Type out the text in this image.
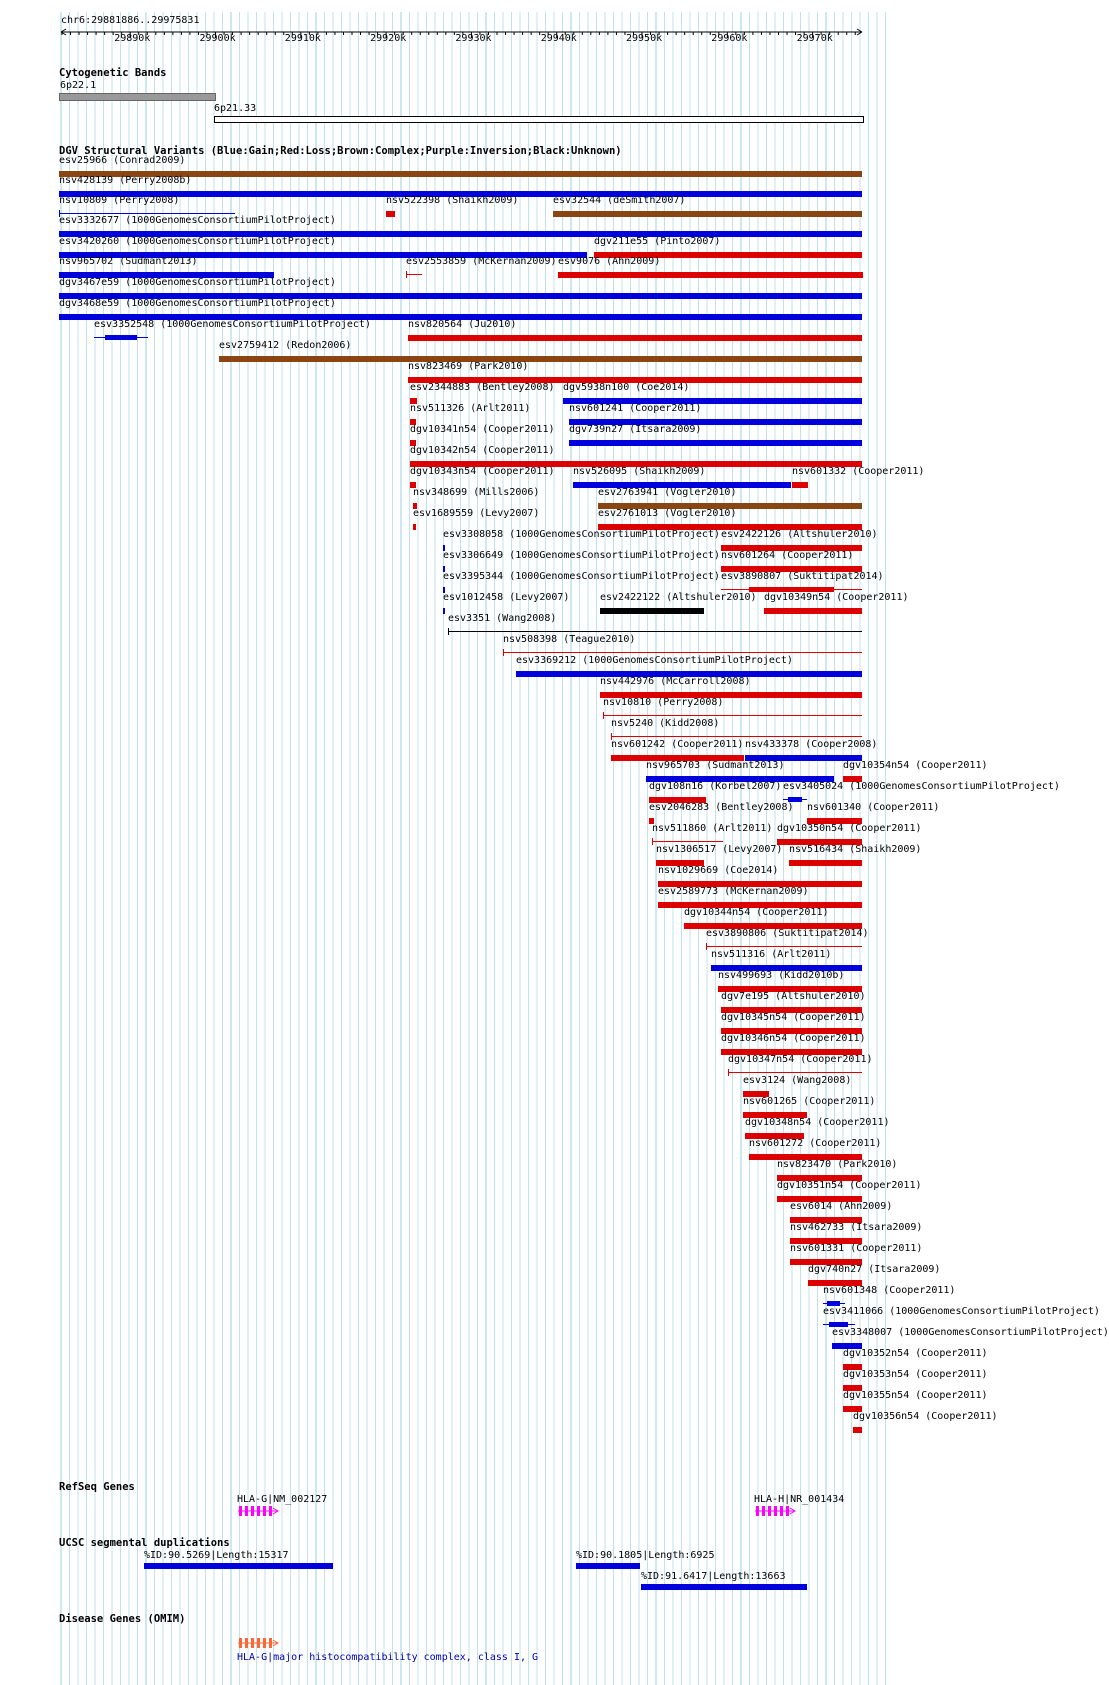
chr6:29881886..29975831
29890k	29900k	29910k	29920k	29930k	29940k	29950k	29960k	29970k
Cytogenetic Bands
6p22.1
6p21.33
DGV Structural Variants (Blue:Gain;Red:Loss;Brown:Complex;Purple:Inversion;Black:Unknown)
esv25966 (Conrad2009)
nsv428139 (Perry2008b)
nsv10809 (Perry2008)	nsv522398 (Shaikh2009)	esv32544 (deSmith2007)
esv3332677 (1000GenomesConsortiumPilotProject)
esv3420260 (1000GenomesConsortiumPilotProject)	dgv211e55 (Pinto2007)
nsv965702 (Sudmant2013)	esv2553859 (McKernan2009) esv9076 (Ahn2009)
dgv3467e59 (1000GenomesConsortiumPilotProject)
dgv3468e59 (1000GenomesConsortiumPilotProject)
esv3352548 (1000GenomesConsortiumPilotProject)	nsv820564 (Ju2010)
esv2759412 (Redon2006)
nsv823469 (Park2010)
esv2344883 (Bentley2008) dgv5938n100 (Coe2014)
nsv511326 (Arlt2011)	nsv601241 (Cooper2011)
dgv10341n54 (Cooper2011) dgv739n27 (Itsara2009)
dgv10342n54 (Cooper2011)
dgv10343n54 (Cooper2011) nsv526095 (Shaikh2009)	nsv601332 (Cooper2011)
nsv348699 (Mills2006)	esv2763941 (Vogler2010)
esv1689559 (Levy2007)	esv2761013 (Vogler2010)
esv3308058 (1000GenomesConsortiumPilotProject) esv2422126 (Altshuler2010)
esv3306649 (1000GenomesConsortiumPilotProject) nsv601264 (Cooper2011)
esv3395344 (1000GenomesConsortiumPilotProject) esv3890807 (Suktitipat2014)
esv1012458 (Levy2007)	esv2422122 (Altshuler2010) dgv10349n54 (Cooper2011)
esv3351 (Wang2008)
nsv508398 (Teague2010)
esv3369212 (1000GenomesConsortiumPilotProject)
nsv442976 (McCarroll2008)
nsv10810 (Perry2008)
nsv5240 (Kidd2008)
nsv601242 (Cooper2011) nsv433378 (Cooper2008)
nsv965703 (Sudmant2013)	dgv10354n54 (Cooper2011)
dgv108n16 (Korbel2007) esv3405024 (1000GenomesConsortiumPilotProject)
esv2046283 (Bentley2008) nsv601340 (Cooper2011)
nsv511860 (Arlt2011) dgv10350n54 (Cooper2011)
nsv1306517 (Levy2007) nsv516434 (Shaikh2009)
nsv1029669 (Coe2014)
esv2589773 (McKernan2009)
dgv10344n54 (Cooper2011)
esv3890806 (Suktitipat2014)
nsv511316 (Arlt2011)
nsv499693 (Kidd2010b)
dgv7e195 (Altshuler2010)
dgv10345n54 (Cooper2011)
dgv10346n54 (Cooper2011)
dgv10347n54 (Cooper2011)
esv3124 (Wang2008)
nsv601265 (Cooper2011)
dgv10348n54 (Cooper2011)
nsv601272 (Cooper2011)
nsv823470 (Park2010)
dgv10351n54 (Cooper2011)
esv6014 (Ahn2009)
nsv462733 (Itsara2009)
nsv601331 (Cooper2011)
dgv740n27 (Itsara2009)
nsv601348 (Cooper2011)
esv3411066 (1000GenomesConsortiumPilotProject)
esv3348007 (1000GenomesConsortiumPilotProject)
dgv10352n54 (Cooper2011)
dgv10353n54 (Cooper2011)
dgv10355n54 (Cooper2011)
dgv10356n54 (Cooper2011)
RefSeq Genes
HLA-G|NM_002127	HLA-H|NR_001434
UCSC segmental duplications
%ID:90.5269|Length:15317	%ID:90.1805|Length:6925
%ID:91.6417|Length:13663
Disease Genes (OMIM)
HLA-G|major histocompatibility complex, class I, G
